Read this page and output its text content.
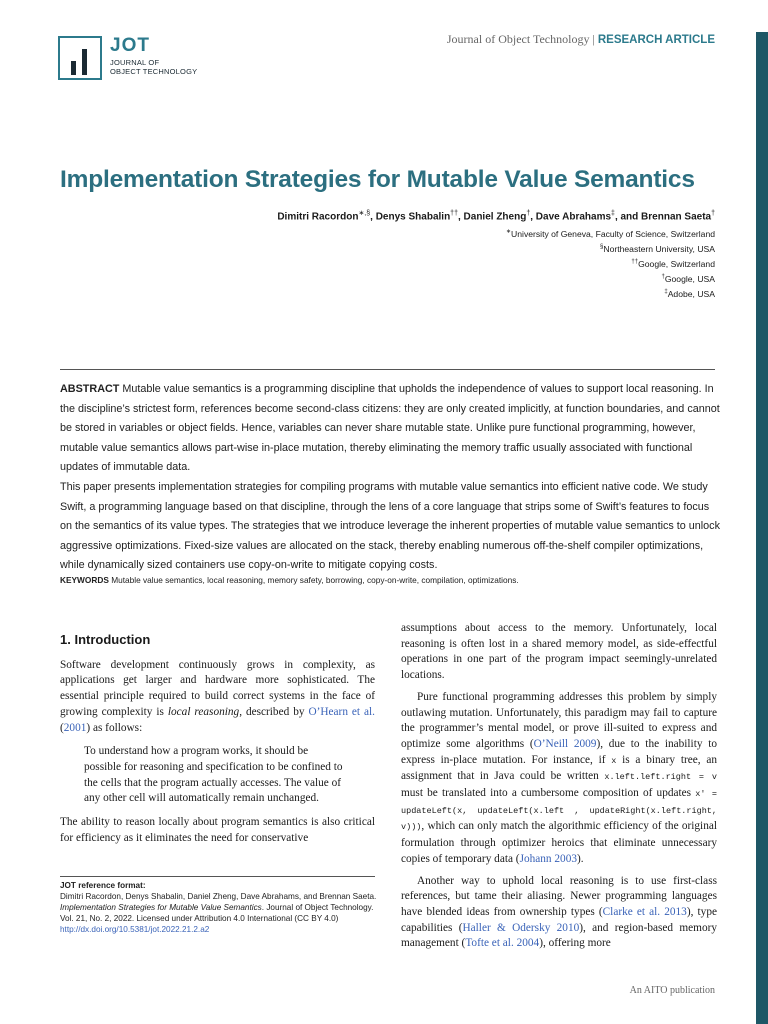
JOT
JOURNAL OF
OBJECT TECHNOLOGY
Journal of Object Technology | RESEARCH ARTICLE
Implementation Strategies for Mutable Value Semantics
Dimitri Racordon∗,§, Denys Shabalin††, Daniel Zheng†, Dave Abrahams‡, and Brennan Saeta†
∗University of Geneva, Faculty of Science, Switzerland
§Northeastern University, USA
††Google, Switzerland
†Google, USA
‡Adobe, USA

ABSTRACT Mutable value semantics is a programming discipline that upholds the independence of values to support local reasoning. In the discipline’s strictest form, references become second-class citizens: they are only created implicitly, at function boundaries, and cannot be stored in variables or object fields. Hence, variables can never share mutable state. Unlike pure functional programming, however, mutable value semantics allows part-wise in-place mutation, thereby eliminating the memory traffic usually associated with functional updates of immutable data.

This paper presents implementation strategies for compiling programs with mutable value semantics into efficient native code. We study Swift, a programming language based on that discipline, through the lens of a core language that strips some of Swift’s features to focus on the semantics of its value types. The strategies that we introduce leverage the inherent properties of mutable value semantics to unlock aggressive optimizations. Fixed-size values are allocated on the stack, thereby enabling numerous off-the-shelf compiler optimizations, while dynamically sized containers use copy-on-write to mitigate copying costs.

KEYWORDS Mutable value semantics, local reasoning, memory safety, borrowing, copy-on-write, compilation, optimizations.
1. Introduction

Software development continuously grows in complexity, as applications get larger and hardware more sophisticated. The essential principle required to build correct systems in the face of growing complexity is local reasoning, described by O’Hearn et al. (2001) as follows:

To understand how a program works, it should be possible for reasoning and specification to be confined to the cells that the program actually accesses. The value of any other cell will automatically remain unchanged.

The ability to reason locally about program semantics is also critical for efficiency as it eliminates the need for conservative

assumptions about access to the memory. Unfortunately, local reasoning is often lost in a shared memory model, as side-effectful operations in one part of the program impact seemingly-unrelated locations.

Pure functional programming addresses this problem by simply outlawing mutation. Unfortunately, this paradigm may fail to capture the programmer’s mental model, or prove ill-suited to express and optimize some algorithms (O’Neill 2009), due to the inability to express in-place mutation. For instance, if x is a binary tree, an assignment that in Java could be written x.left.left.right = v must be translated into a cumbersome composition of updates x' = updateLeft(x, updateLeft(x.left , updateRight(x.left.right, v))), which can only match the algorithmic efficiency of the original formulation through optimizer heroics that eliminate unnecessary copies of temporary data (Johann 2003).

Another way to uphold local reasoning is to use first-class references, but tame their aliasing. Newer programming languages have blended ideas from ownership types (Clarke et al. 2013), type capabilities (Haller & Odersky 2010), and region-based memory management (Tofte et al. 2004), offering more

JOT reference format:
Dimitri Racordon, Denys Shabalin, Daniel Zheng, Dave Abrahams, and Brennan Saeta. Implementation Strategies for Mutable Value Semantics. Journal of Object Technology. Vol. 21, No. 2, 2022. Licensed under Attribution 4.0 International (CC BY 4.0)
http://dx.doi.org/10.5381/jot.2022.21.2.a2
An AITO publication
